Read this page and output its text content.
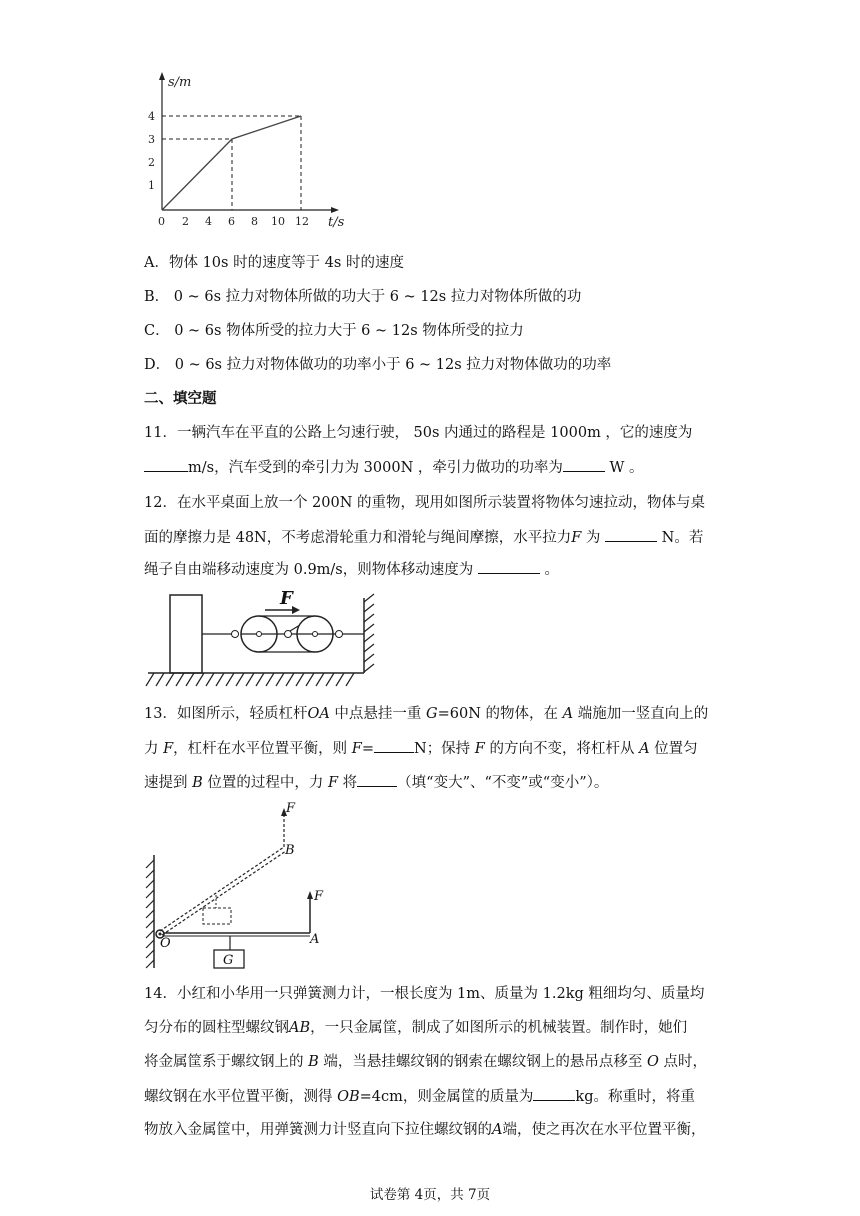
4
3
2
1
0 2 4 6 8 10 12
s/m
t/s
A．物体 10s 时的速度等于 4s 时的速度
B． 0 ~ 6s 拉力对物体所做的功大于 6 ~ 12s 拉力对物体所做的功
C． 0 ~ 6s 物体所受的拉力大于 6 ~ 12s 物体所受的拉力
D． 0 ~ 6s 拉力对物体做功的功率小于 6 ~ 12s 拉力对物体做功的功率
二、填空题
11．一辆汽车在平直的公路上匀速行驶， 50s 内通过的路程是 1000m ，它的速度为
m/s，汽车受到的牵引力为 3000N ，牵引力做功的功率为	W 。
12．在水平桌面上放一个 200N 的重物，现用如图所示装置将物体匀速拉动，物体与桌
面的摩擦力是 48N，不考虑滑轮重力和滑轮与绳间摩擦，水平拉力F 为	N。若
绳子自由端移动速度为 0.9m/s，则物体移动速度为	。
F
13．如图所示，轻质杠杆OA 中点悬挂一重 G=60N 的物体，在 A 端施加一竖直向上的
力 F，杠杆在水平位置平衡，则 F=	N；保持 F 的方向不变，将杠杆从 A 位置匀
速提到 B 位置的过程中，力 F 将	（填“变大”、“不变”或“变小”）。
F
B
F
A
O
G
14．小红和小华用一只弹簧测力计，一根长度为 1m、质量为 1.2kg 粗细均匀、质量均
匀分布的圆柱型螺纹钢AB，一只金属筐，制成了如图所示的机械装置。制作时，她们
将金属筐系于螺纹钢上的 B 端，当悬挂螺纹钢的钢索在螺纹钢上的悬吊点移至 O 点时，
螺纹钢在水平位置平衡，测得 OB=4cm，则金属筐的质量为	kg。称重时，将重
物放入金属筐中，用弹簧测力计竖直向下拉住螺纹钢的A端，使之再次在水平位置平衡，
试卷第 4页，共 7页
